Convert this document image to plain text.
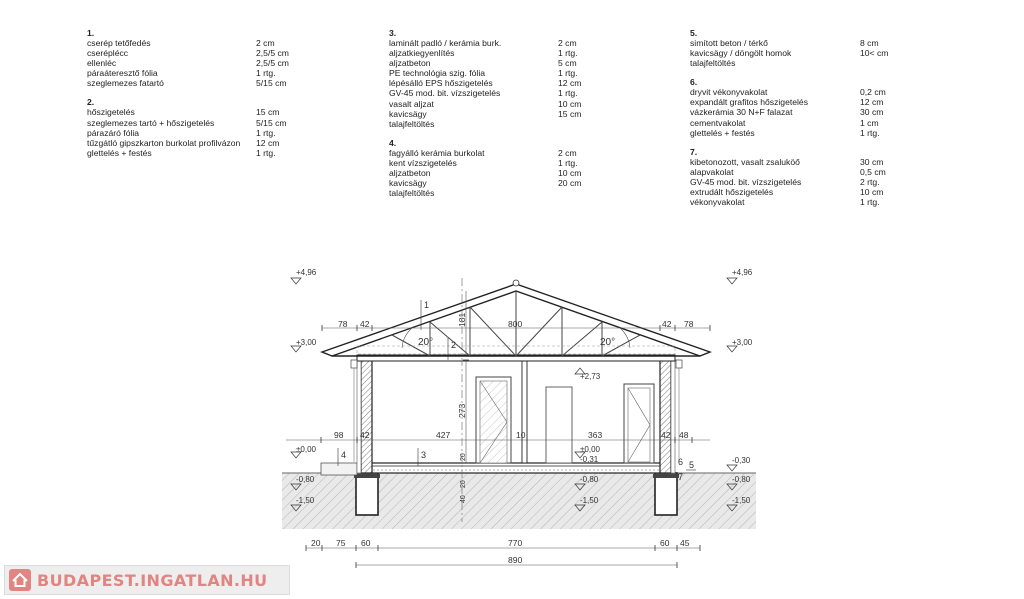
1.
cserép tetőfedés	2 cm
cseréplécc	2,5/5 cm
ellenléc	2,5/5 cm
páraáteresztő fólia	1 rtg.
szeglemezes fatartó	5/15 cm
2.
hőszigetelés	15 cm
szeglemezes tartó + hőszigetelés	5/15 cm
párazáró fólia	1 rtg.
tűzgátló gipszkarton burkolat profilvázon	12 cm
glettelés + festés	1 rtg.
3.
laminált padló / kerámia burk.	2 cm
aljzatkiegyenlítés	1 rtg.
aljzatbeton	5 cm
PE technológia szig. fólia	1 rtg.
lépésálló EPS hőszigetelés	12 cm
GV-45 mod. bit. vízszigetelés	1 rtg.
vasalt aljzat	10 cm
kavicsägy	15 cm
talajfeltöltés
4.
fagyálló kerámia burkolat	2 cm
kent vízszigetelés	1 rtg.
aljzatbeton	10 cm
kavicsägy	20 cm
talajfeltöltés
5.
simított beton / térkő	8 cm
kavicsägy / döngölt homok	10< cm
talajfeltöltés
6.
dryvit vékonyvakolat	0,2 cm
expandált grafitos hőszigetelés	12 cm
vázkerámia 30 N+F falazat	30 cm
cementvakolat	1 cm
glettelés + festés	1 rtg.
7.
kibetonozott, vasalt zsaluköő	30 cm
alapvakolat	0,5 cm
GV-45 mod. bit. vízszigetelés	2 rtg.
extrudált hőszigetelés	10 cm
vékonyvakolat	1 rtg.
20°	20°
+4,96	+4,96
+3,00	+3,00
+2,73
±0,00	±0,00
-0,31	-0,30
-0,80	-0,80	-0,80
-1,50	-1,50	-1,50
78 42	800	42 78
98 42	427	10	363	42 48
20 75 60	770	60 45
890
273
181
20
40
20
1
2
3
4
5
6
7
BUDAPEST.INGATLAN.HU
